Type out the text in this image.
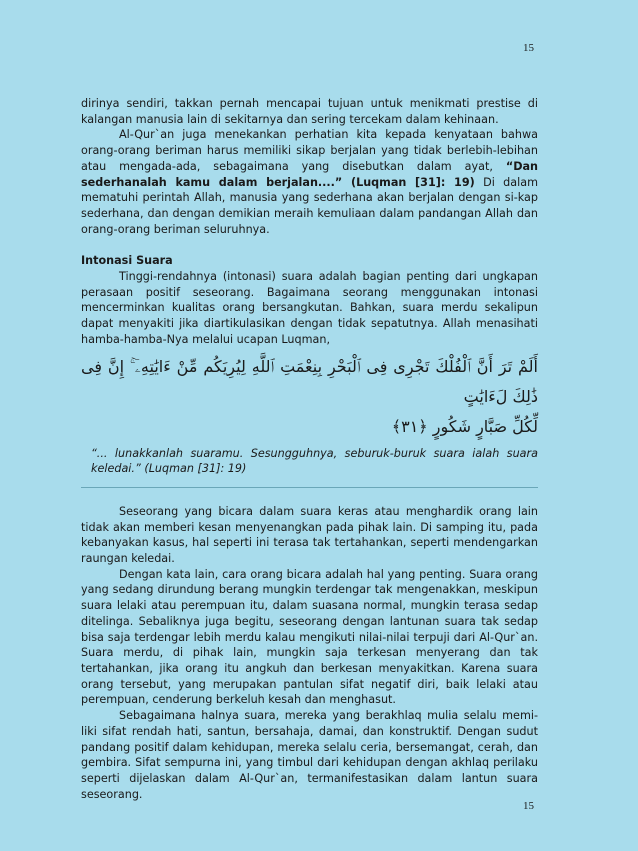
15

dirinya sendiri, takkan pernah mencapai tujuan untuk menikmati prestise di kalangan manusia lain di sekitarnya dan sering tercekam dalam kehinaan.

Al-Qur`an juga menekankan perhatian kita kepada kenyataan bahwa orang-orang beriman harus memiliki sikap berjalan yang tidak berlebih-lebihan atau mengada-ada, sebagaimana yang disebutkan dalam ayat, “Dan sederhanalah kamu dalam berjalan....” (Luqman [31]: 19) Di dalam mematuhi perintah Allah, manusia yang sederhana akan berjalan dengan si-kap sederhana, dan dengan demikian meraih kemuliaan dalam pandangan Allah dan orang-orang beriman seluruhnya.

Intonasi Suara

Tinggi-rendahnya (intonasi) suara adalah bagian penting dari ungkapan perasaan positif seseorang. Bagaimana seorang menggunakan intonasi mencerminkan kualitas orang bersangkutan. Bahkan, suara merdu sekalipun dapat menyakiti jika diartikulasikan dengan tidak sepatutnya. Allah menasihati hamba-hamba-Nya melalui ucapan Luqman,

أَلَمْ تَرَ أَنَّ ٱلْفُلْكَ تَجْرِى فِى ٱلْبَحْرِ بِنِعْمَتِ ٱللَّهِ لِيُرِيَكُم مِّنْ ءَايَٰتِهِۦٓ ۚ إِنَّ فِى ذَٰلِكَ لَءَايَٰتٍ
لِّكُلِّ صَبَّارٍ شَكُورٍ ﴿٣١﴾

“... lunakkanlah suaramu. Sesungguhnya, seburuk-buruk suara ialah suara keledai.” (Luqman [31]: 19)

Seseorang yang bicara dalam suara keras atau menghardik orang lain tidak akan memberi kesan menyenangkan pada pihak lain. Di samping itu, pada kebanyakan kasus, hal seperti ini terasa tak tertahankan, seperti mendengarkan raungan keledai.

Dengan kata lain, cara orang bicara adalah hal yang penting. Suara orang yang sedang dirundung berang mungkin terdengar tak mengenakkan, meskipun suara lelaki atau perempuan itu, dalam suasana normal, mungkin terasa sedap ditelinga. Sebaliknya juga begitu, seseorang dengan lantunan suara tak sedap bisa saja terdengar lebih merdu kalau mengikuti nilai-nilai terpuji dari Al-Qur`an. Suara merdu, di pihak lain, mungkin saja terkesan menyerang dan tak tertahankan, jika orang itu angkuh dan berkesan menyakitkan. Karena suara orang tersebut, yang merupakan pantulan sifat negatif diri, baik lelaki atau perempuan, cenderung berkeluh kesah dan menghasut.

Sebagaimana halnya suara, mereka yang berakhlaq mulia selalu memi-liki sifat rendah hati, santun, bersahaja, damai, dan konstruktif. Dengan sudut pandang positif dalam kehidupan, mereka selalu ceria, bersemangat, cerah, dan gembira. Sifat sempurna ini, yang timbul dari kehidupan dengan akhlaq perilaku seperti dijelaskan dalam Al-Qur`an, termanifestasikan dalam lantun suara seseorang.

15
